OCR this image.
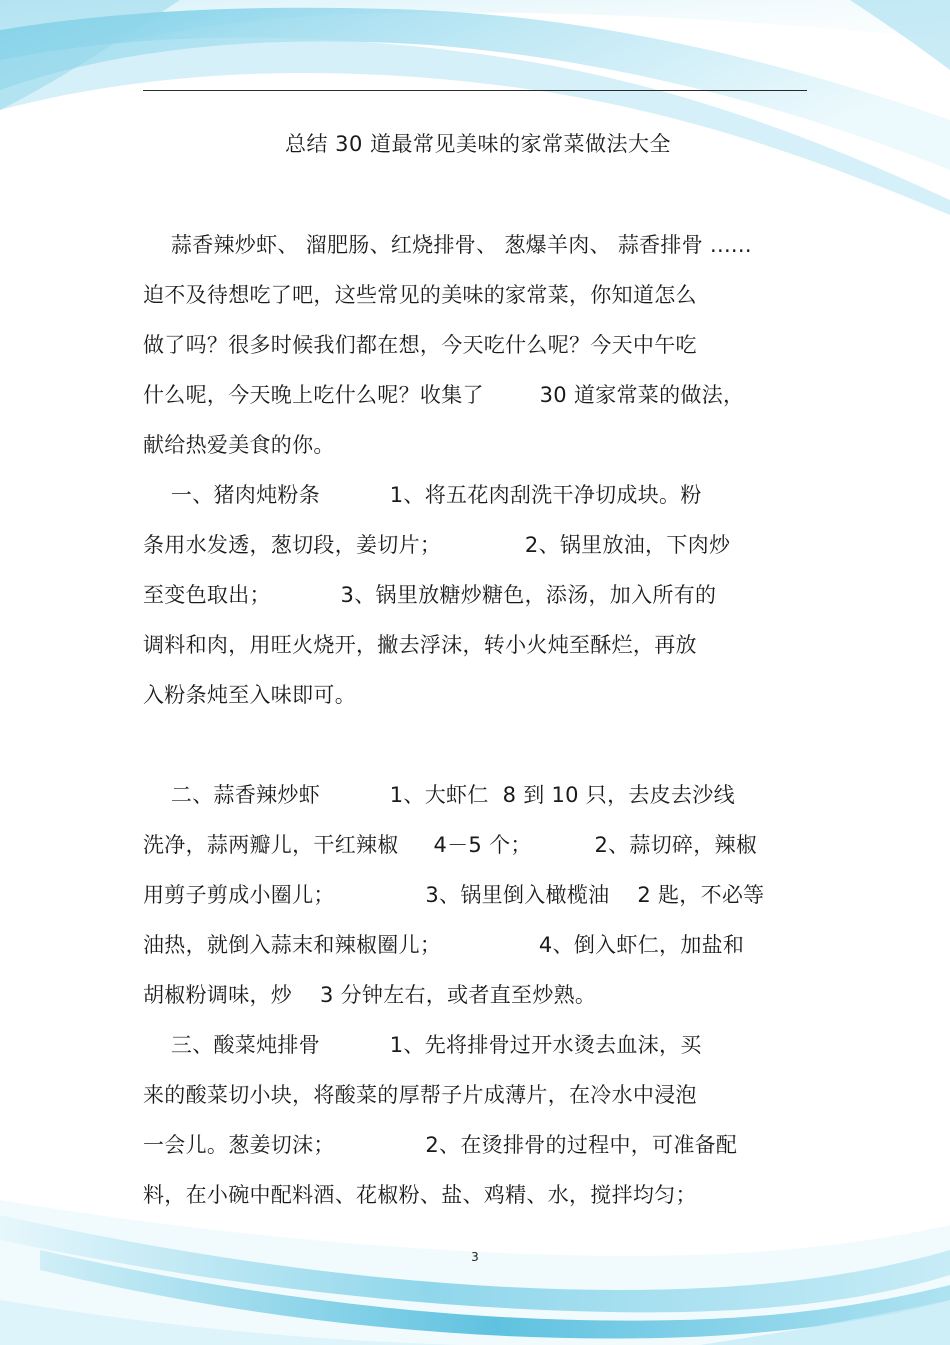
总结 30 道最常见美味的家常菜做法大全
蒜香辣炒虾、 溜肥肠、红烧排骨、 葱爆羊肉、 蒜香排骨 ......
迫不及待想吃了吧，这些常见的美味的家常菜，你知道怎么
做了吗？很多时候我们都在想，今天吃什么呢？今天中午吃
什么呢，今天晚上吃什么呢？收集了        30 道家常菜的做法，
献给热爱美食的你。
一、猪肉炖粉条          1、将五花肉刮洗干净切成块。粉
条用水发透，葱切段，姜切片；            2、锅里放油，下肉炒
至变色取出；          3、锅里放糖炒糖色，添汤，加入所有的
调料和肉，用旺火烧开，撇去浮沫，转小火炖至酥烂，再放
入粉条炖至入味即可。
二、蒜香辣炒虾          1、大虾仁  8 到 10 只，去皮去沙线
洗净，蒜两瓣儿，干红辣椒     4－5 个；         2、蒜切碎，辣椒
用剪子剪成小圈儿；             3、锅里倒入橄榄油    2 匙，不必等
油热，就倒入蒜末和辣椒圈儿；              4、倒入虾仁，加盐和
胡椒粉调味，炒    3 分钟左右，或者直至炒熟。
三、酸菜炖排骨          1、先将排骨过开水烫去血沫，买
来的酸菜切小块，将酸菜的厚帮子片成薄片，在冷水中浸泡
一会儿。葱姜切沫；             2、在烫排骨的过程中，可准备配
料，在小碗中配料酒、花椒粉、盐、鸡精、水，搅拌均匀；
3
